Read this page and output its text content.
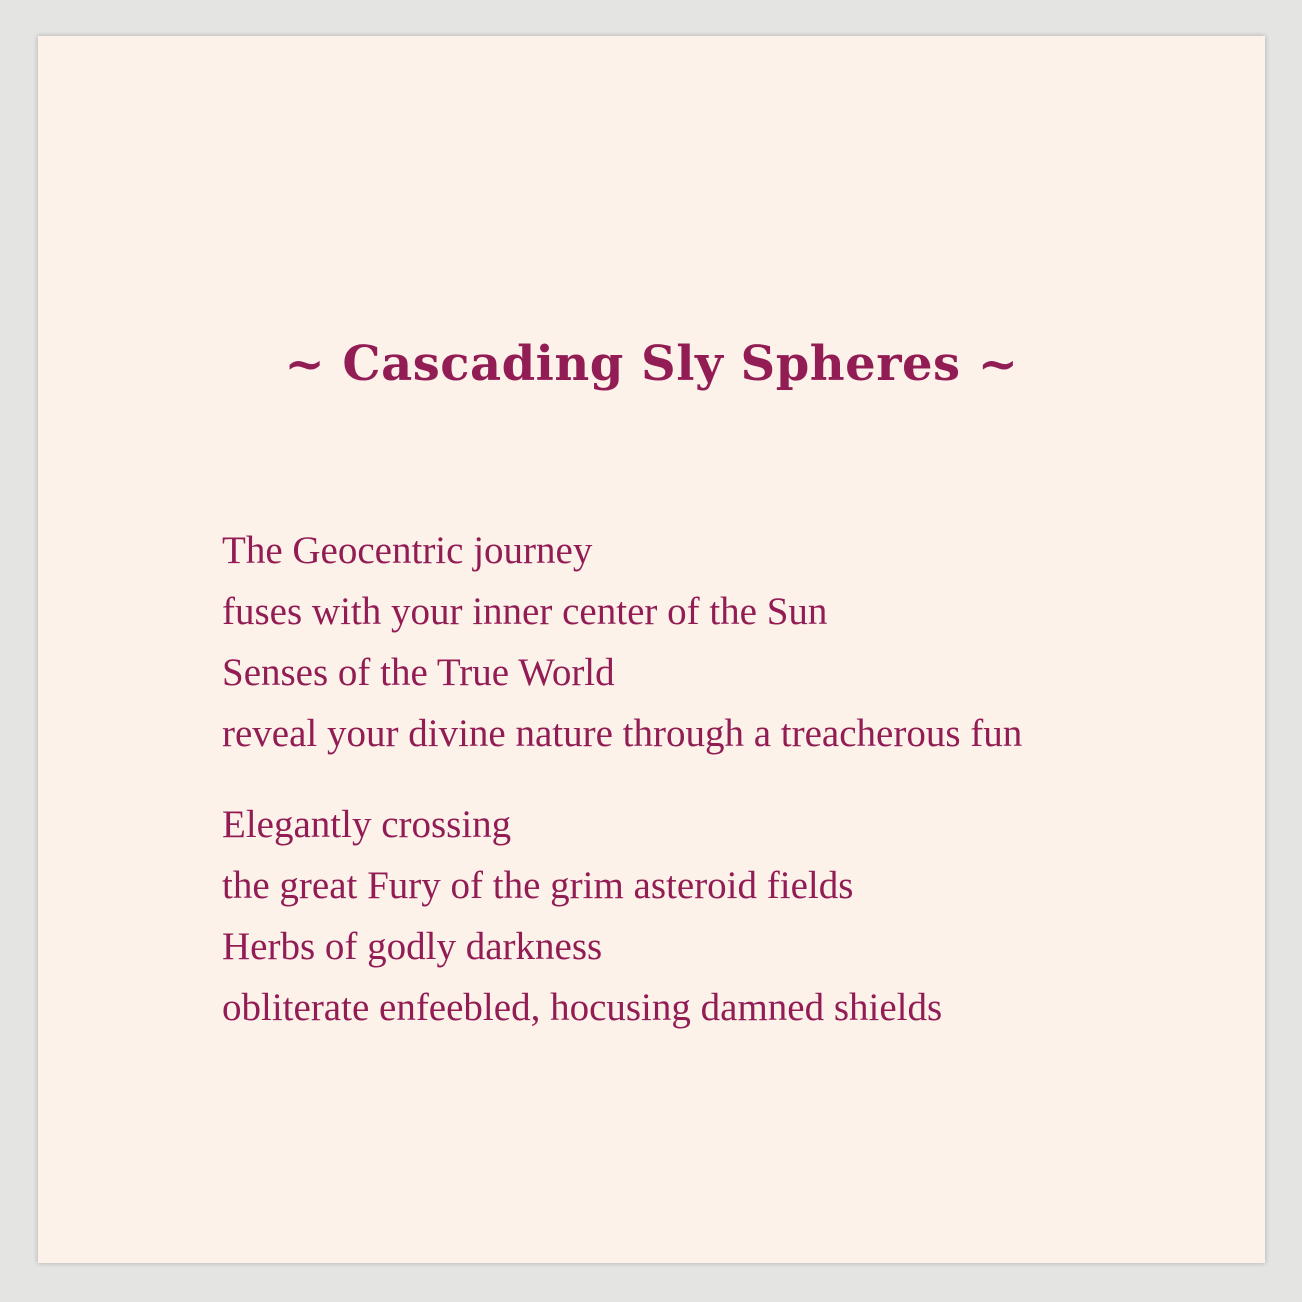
~ Cascading Sly Spheres ~
The Geocentric journey
fuses with your inner center of the Sun
Senses of the True World
reveal your divine nature through a treacherous fun
Elegantly crossing
the great Fury of the grim asteroid fields
Herbs of godly darkness
obliterate enfeebled, hocusing damned shields
